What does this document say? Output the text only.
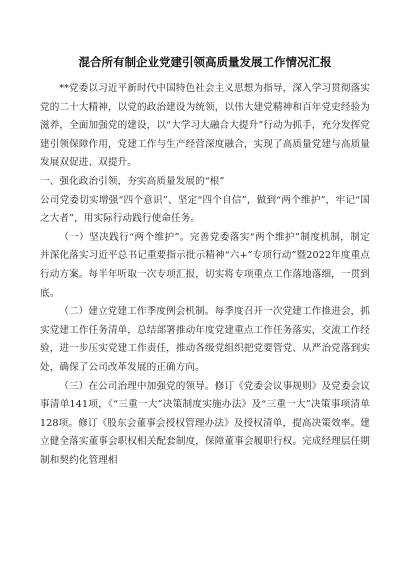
混合所有制企业党建引领高质量发展工作情况汇报

**党委以习近平新时代中国特色社会主义思想为指导，深入学习贯彻落实党的二十大精神，以党的政治建设为统领，以伟大建党精神和百年党史经验为滋养，全面加强党的建设，以“大学习大融合大提升”行动为抓手，充分发挥党建引领保障作用，党建工作与生产经营深度融合，实现了高质量党建与高质量发展双促进、双提升。

一、强化政治引领，夯实高质量发展的“根”

公司党委切实增强“四个意识”、坚定“四个自信”，做到“两个维护”，牢记“国之大者”，用实际行动践行使命任务。

（一）坚决践行“两个维护”。完善党委落实“两个维护”制度机制，制定并深化落实习近平总书记重要指示批示精神“六+”专项行动”暨2022年度重点行动方案。每半年听取一次专项汇报，切实将专项重点工作落地落细，一贯到底。

（二）建立党建工作季度例会机制。每季度召开一次党建工作推进会，抓实党建工作任务清单，总结部署推动年度党建重点工作任务落实，交流工作经验，进一步压实党建工作责任，推动各级党组织把党要管党、从严治党落到实处，确保了公司改革发展的正确方向。

（三）在公司治理中加强党的领导。修订《党委会议事规则》及党委会议事清单141项，《“三重一大”决策制度实施办法》及“三重一大”决策事项清单128项。修订《股东会董事会授权管理办法》及授权清单，提高决策效率。建立健全落实董事会职权相关配套制度，保障董事会履职行权。完成经理层任期制和契约化管理相
